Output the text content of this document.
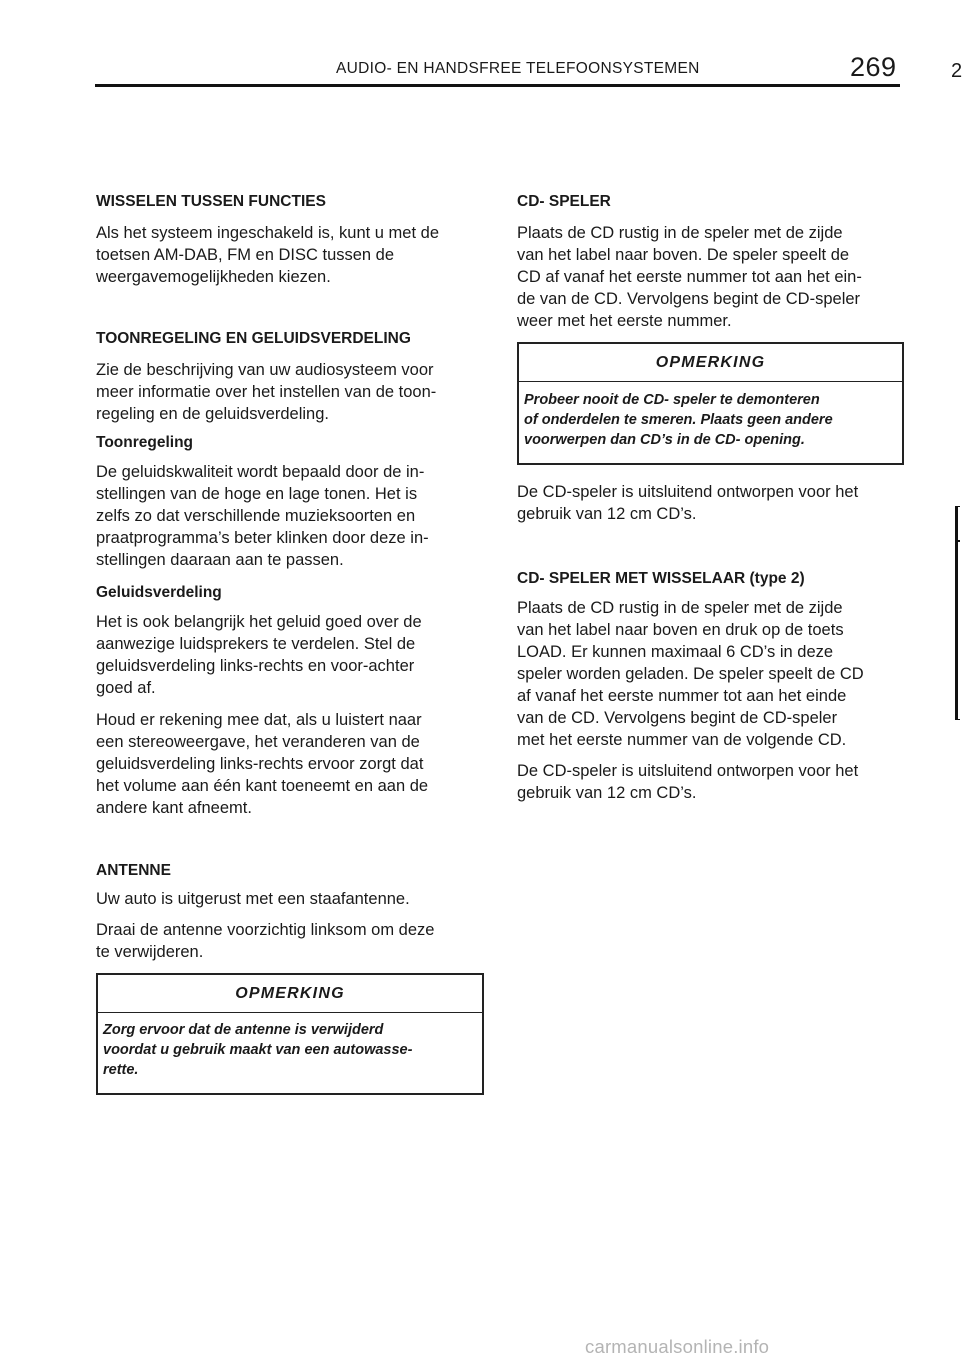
AUDIO‑ EN HANDSFREE TELEFOONSYSTEMEN	269	2
WISSELEN TUSSEN FUNCTIES
Als het systeem ingeschakeld is, kunt u met de
toetsen AM‑DAB, FM en DISC tussen de
weergavemogelijkheden kiezen.
TOONREGELING EN GELUIDSVERDELING
Zie de beschrijving van uw audiosysteem voor
meer informatie over het instellen van de toon‑
regeling en de geluidsverdeling.
Toonregeling
De geluidskwaliteit wordt bepaald door de in‑
stellingen van de hoge en lage tonen. Het is
zelfs zo dat verschillende muzieksoorten en
praatprogramma’s beter klinken door deze in‑
stellingen daaraan aan te passen.
Geluidsverdeling
Het is ook belangrijk het geluid goed over de
aanwezige luidsprekers te verdelen. Stel de
geluidsverdeling links‑rechts en voor‑achter
goed af.
Houd er rekening mee dat, als u luistert naar
een stereoweergave, het veranderen van de
geluidsverdeling links‑rechts ervoor zorgt dat
het volume aan één kant toeneemt en aan de
andere kant afneemt.
ANTENNE
Uw auto is uitgerust met een staafantenne.
Draai de antenne voorzichtig linksom om deze
te verwijderen.
OPMERKING
Zorg ervoor dat de antenne is verwijderd
voordat u gebruik maakt van een autowasse‑
rette.
CD‑ SPELER
Plaats de CD rustig in de speler met de zijde
van het label naar boven. De speler speelt de
CD af vanaf het eerste nummer tot aan het ein‑
de van de CD. Vervolgens begint de CD‑speler
weer met het eerste nummer.
OPMERKING
Probeer nooit de CD‑ speler te demonteren
of onderdelen te smeren. Plaats geen andere
voorwerpen dan CD’s in de CD‑ opening.
De CD‑speler is uitsluitend ontworpen voor het
gebruik van 12 cm CD’s.
CD‑ SPELER MET WISSELAAR (type 2)
Plaats de CD rustig in de speler met de zijde
van het label naar boven en druk op de toets
LOAD. Er kunnen maximaal 6 CD’s in deze
speler worden geladen. De speler speelt de CD
af vanaf het eerste nummer tot aan het einde
van de CD. Vervolgens begint de CD‑speler
met het eerste nummer van de volgende CD.
De CD‑speler is uitsluitend ontworpen voor het
gebruik van 12 cm CD’s.
carmanualsonline.info
